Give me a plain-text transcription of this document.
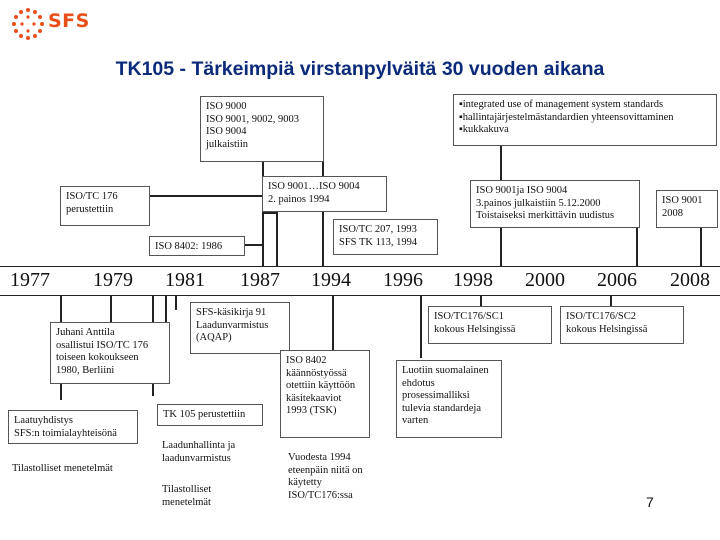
SFS
TK105 - Tärkeimpiä virstanpylväitä 30 vuoden aikana
ISO 9000
ISO 9001, 9002, 9003
ISO 9004
julkaistiin
▪integrated use of management system standards
▪hallintajärjestelmästandardien yhteensovittaminen
▪kukkakuva
ISO/TC 176
perustettiin
ISO 9001…ISO 9004
2. painos 1994
ISO 9001ja ISO 9004
3.painos julkaistiin 5.12.2000
Toistaiseksi merkittävin uudistus
ISO 9001
2008
ISO/TC 207, 1993
SFS TK 113, 1994
ISO 8402: 1986
1977 1979 1981 1987 1994 1996 1998 2000 2006 2008
Juhani Anttila
osallistui ISO/TC 176
toiseen kokoukseen
1980, Berliini
SFS-käsikirja 91
Laadunvarmistus
(AQAP)
ISO/TC176/SC1
kokous Helsingissä
ISO/TC176/SC2
kokous Helsingissä
Laatuyhdistys
SFS:n toimialayhteisönä
TK 105 perustettiin
ISO 8402
käännöstyössä
otettiin käyttöön
käsitekaaviot
1993 (TSK)
Luotiin suomalainen
ehdotus
prosessimalliksi
tulevia standardeja
varten
Tilastolliset menetelmät
Laadunhallinta ja
laadunvarmistus
Tilastolliset
menetelmät
Vuodesta 1994
eteenpäin niitä on
käytetty
ISO/TC176:ssa	7
